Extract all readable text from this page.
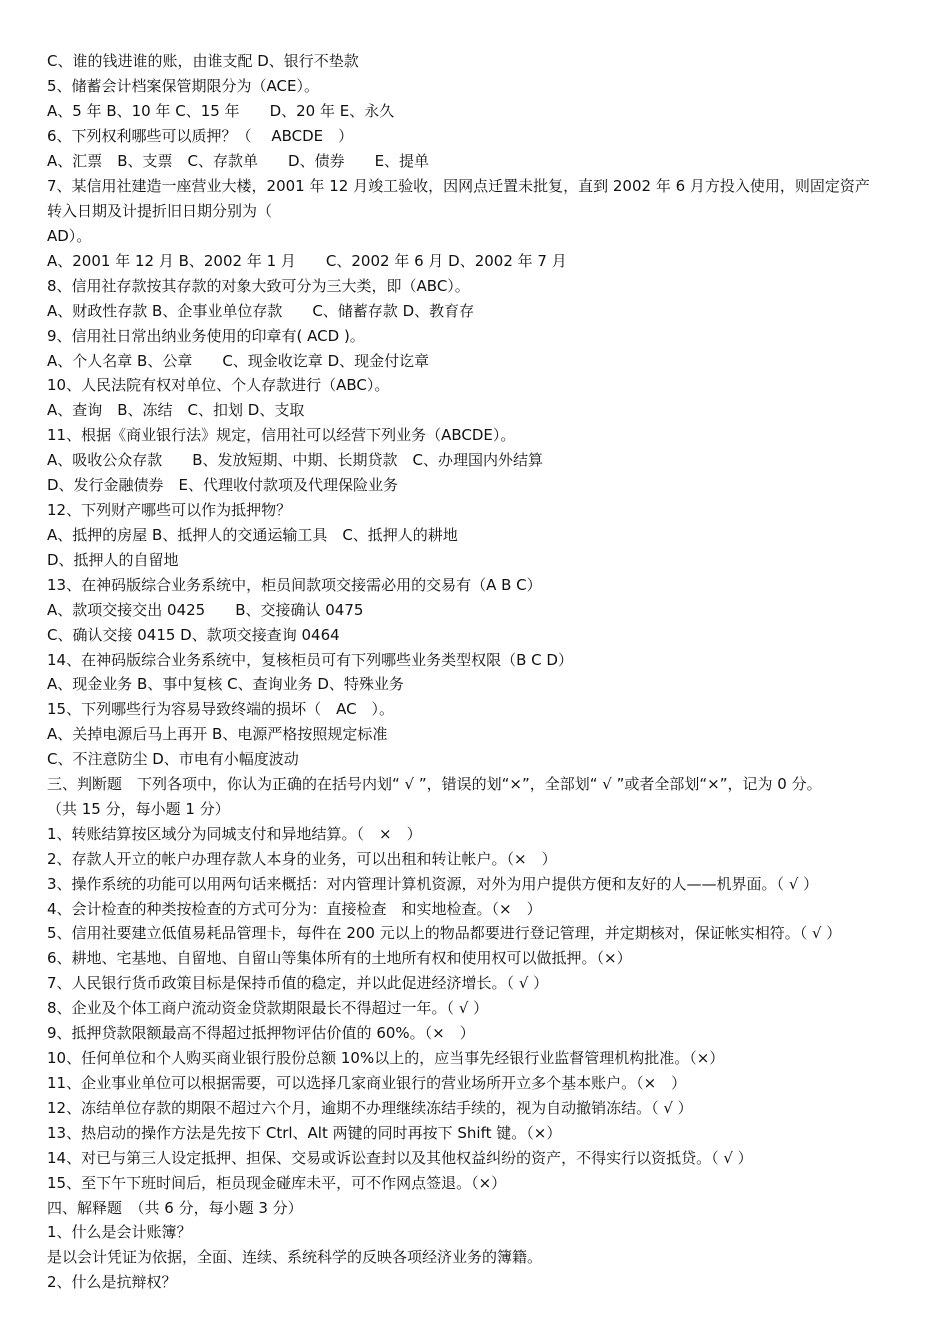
C、谁的钱进谁的账，由谁支配 D、银行不垫款
5、储蓄会计档案保管期限分为（ACE）。
A、5 年 B、10 年 C、15 年　　D、20 年 E、永久
6、下列权利哪些可以质押？（　 ABCDE　）
A、汇票　B、支票　C、存款单　　D、债券　　E、提单
7、某信用社建造一座营业大楼，2001 年 12 月竣工验收，因网点迁置未批复，直到 2002 年 6 月方投入使用，则固定资产
转入日期及计提折旧日期分别为（
AD）。
A、2001 年 12 月 B、2002 年 1 月　　C、2002 年 6 月 D、2002 年 7 月
8、信用社存款按其存款的对象大致可分为三大类，即（ABC）。
A、财政性存款 B、企事业单位存款　　C、储蓄存款 D、教育存
9、信用社日常出纳业务使用的印章有( ACD )。
A、个人名章 B、公章　　C、现金收讫章 D、现金付讫章
10、人民法院有权对单位、个人存款进行（ABC）。
A、查询　B、冻结　C、扣划 D、支取
11、根据《商业银行法》规定，信用社可以经营下列业务（ABCDE）。
A、吸收公众存款　　B、发放短期、中期、长期贷款　C、办理国内外结算
D、发行金融债券　E、代理收付款项及代理保险业务
12、下列财产哪些可以作为抵押物？
A、抵押的房屋 B、抵押人的交通运输工具　C、抵押人的耕地
D、抵押人的自留地
13、在神码版综合业务系统中，柜员间款项交接需必用的交易有（A B C）
A、款项交接交出 0425　　B、交接确认 0475
C、确认交接 0415 D、款项交接查询 0464
14、在神码版综合业务系统中，复核柜员可有下列哪些业务类型权限（B C D）
A、现金业务 B、事中复核 C、查询业务 D、特殊业务
15、下列哪些行为容易导致终端的损坏（　AC　）。
A、关掉电源后马上再开 B、电源严格按照规定标准
C、不注意防尘 D、市电有小幅度波动
三、判断题　下列各项中，你认为正确的在括号内划“ √ ”，错误的划“×”，全部划“ √ ”或者全部划“×”，记为 0 分。
（共 15 分，每小题 1 分）
1、转账结算按区域分为同城支付和异地结算。（　×　）
2、存款人开立的帐户办理存款人本身的业务，可以出租和转让帐户。（×　）
3、操作系统的功能可以用两句话来概括：对内管理计算机资源，对外为用户提供方便和友好的人——机界面。（ √ ）
4、会计检查的种类按检查的方式可分为：直接检查　和实地检查。（×　）
5、信用社要建立低值易耗品管理卡，每件在 200 元以上的物品都要进行登记管理，并定期核对，保证帐实相符。（ √ ）
6、耕地、宅基地、自留地、自留山等集体所有的土地所有权和使用权可以做抵押。（×）
7、人民银行货币政策目标是保持币值的稳定，并以此促进经济增长。（ √ ）
8、企业及个体工商户流动资金贷款期限最长不得超过一年。（ √ ）
9、抵押贷款限额最高不得超过抵押物评估价值的 60%。（×　）
10、任何单位和个人购买商业银行股份总额 10%以上的，应当事先经银行业监督管理机构批准。（×）
11、企业事业单位可以根据需要，可以选择几家商业银行的营业场所开立多个基本账户。（×　）
12、冻结单位存款的期限不超过六个月，逾期不办理继续冻结手续的，视为自动撤销冻结。（ √ ）
13、热启动的操作方法是先按下 Ctrl、Alt 两键的同时再按下 Shift 键。（×）
14、对已与第三人设定抵押、担保、交易或诉讼查封以及其他权益纠纷的资产，不得实行以资抵贷。（ √ ）
15、至下午下班时间后，柜员现金碰库未平，可不作网点签退。（×）
四、解释题　（共 6 分，每小题 3 分）
1、什么是会计账簿？
是以会计凭证为依据，全面、连续、系统科学的反映各项经济业务的簿籍。
2、什么是抗辩权？
